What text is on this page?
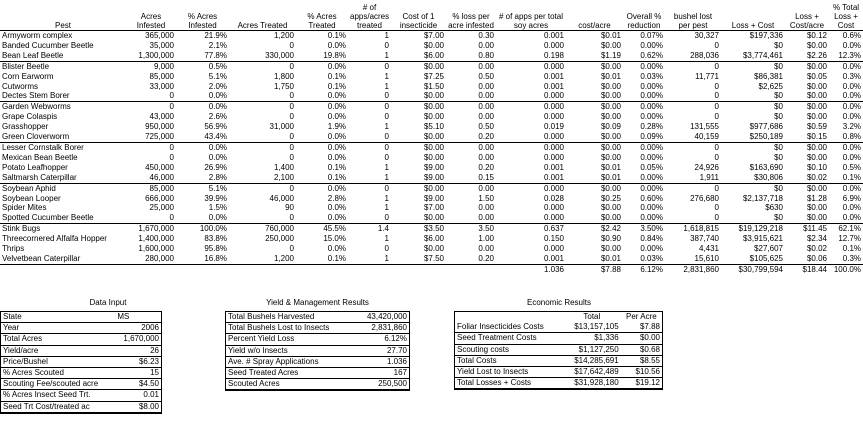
Pest	Acres Infested	% Acres Infested	Acres Treated	% Acres Treated	# of apps/acres treated	Cost of 1 insecticide	% loss per acre infested	# of apps per total soy acres	cost/acre	Overall % reduction	bushel lost per pest	Loss + Cost	Loss + Cost/acre	% Total Loss + Cost
Armyworm complex	365,000	21.9%	1,200	0.1%	1	$7.00	0.30	0.001	$0.01	0.07%	30,327	$197,336	$0.12	0.6%
Banded Cucumber Beetle	35,000	2.1%	0	0.0%	0	$0.00	0.00	0.000	$0.00	0.00%	0	$0	$0.00	0.0%
Bean Leaf Beetle	1,300,000	77.8%	330,000	19.8%	1	$6.00	0.80	0.198	$1.19	0.62%	288,036	$3,774,461	$2.26	12.3%
Blister Beetle	9,000	0.5%	0	0.0%	0	$0.00	0.00	0.000	$0.00	0.00%	0	$0	$0.00	0.0%
Corn Earworm	85,000	5.1%	1,800	0.1%	1	$7.25	0.50	0.001	$0.01	0.03%	11,771	$86,381	$0.05	0.3%
Cutworms	33,000	2.0%	1,750	0.1%	1	$1.50	0.00	0.001	$0.00	0.00%	0	$2,625	$0.00	0.0%
Dectes Stem Borer	0	0.0%	0	0.0%	0	$0.00	0.00	0.000	$0.00	0.00%	0	$0	$0.00	0.0%
Garden Webworms	0	0.0%	0	0.0%	0	$0.00	0.00	0.000	$0.00	0.00%	0	$0	$0.00	0.0%
Grape Colaspis	43,000	2.6%	0	0.0%	0	$0.00	0.00	0.000	$0.00	0.00%	0	$0	$0.00	0.0%
Grasshopper	950,000	56.9%	31,000	1.9%	1	$5.10	0.50	0.019	$0.09	0.28%	131,555	$977,686	$0.59	3.2%
Green Cloverworm	725,000	43.4%	0	0.0%	0	$0.00	0.20	0.000	$0.00	0.09%	40,159	$250,189	$0.15	0.8%
Lesser Cornstalk Borer	0	0.0%	0	0.0%	0	$0.00	0.00	0.000	$0.00	0.00%	0	$0	$0.00	0.0%
Mexican Bean Beetle	0	0.0%	0	0.0%	0	$0.00	0.00	0.000	$0.00	0.00%	0	$0	$0.00	0.0%
Potato Leafhopper	450,000	26.9%	1,400	0.1%	1	$9.00	0.20	0.001	$0.01	0.05%	24,926	$163,690	$0.10	0.5%
Saltmarsh Caterpillar	46,000	2.8%	2,100	0.1%	1	$9.00	0.15	0.001	$0.01	0.00%	1,911	$30,806	$0.02	0.1%
Soybean Aphid	85,000	5.1%	0	0.0%	0	$0.00	0.00	0.000	$0.00	0.00%	0	$0	$0.00	0.0%
Soybean Looper	666,000	39.9%	46,000	2.8%	1	$9.00	1.50	0.028	$0.25	0.60%	276,680	$2,137,718	$1.28	6.9%
Spider Mites	25,000	1.5%	90	0.0%	1	$7.00	0.00	0.000	$0.00	0.00%	0	$630	$0.00	0.0%
Spotted Cucumber Beetle	0	0.0%	0	0.0%	0	$0.00	0.00	0.000	$0.00	0.00%	0	$0	$0.00	0.0%
Stink Bugs	1,670,000	100.0%	760,000	45.5%	1.4	$3.50	3.50	0.637	$2.42	3.50%	1,618,815	$19,129,218	$11.45	62.1%
Threecornered Alfalfa Hopper	1,400,000	83.8%	250,000	15.0%	1	$6.00	1.00	0.150	$0.90	0.84%	387,740	$3,915,621	$2.34	12.7%
Thrips	1,600,000	95.8%	0	0.0%	0	$0.00	0.00	0.000	$0.00	0.00%	4,431	$27,607	$0.02	0.1%
Velvetbean Caterpillar	280,000	16.8%	1,200	0.1%	1	$7.50	0.20	0.001	$0.01	0.03%	15,610	$105,625	$0.06	0.3%
								1.036	$7.88	6.12%	2,831,860	$30,799,594	$18.44	100.0%
Data Input
State	MS
Year	2006
Total Acres	1,670,000
Yield/acre	26
Price/Bushel	$6.23
% Acres Scouted	15
Scouting Fee/scouted acre	$4.50
% Acres Insect Seed Trt.	0.01
Seed Trt Cost/treated ac	$8.00
Yield & Management Results
Total Bushels Harvested	43,420,000
Total Bushels Lost to Insects	2,831,860
Percent Yield Loss	6.12%
Yield w/o Insects	27.70
Ave. # Spray Applications	1.036
Seed Treated Acres	167
Scouted Acres	250,500
Economic Results
	Total	Per Acre
Foliar Insecticides Costs	$13,157,105	$7.88
Seed Treatment Costs	$1,336	$0.00
Scouting costs	$1,127,250	$0.68
Total Costs	$14,285,691	$8.55
Yield Lost to Insects	$17,642,489	$10.56
Total Losses + Costs	$31,928,180	$19.12
